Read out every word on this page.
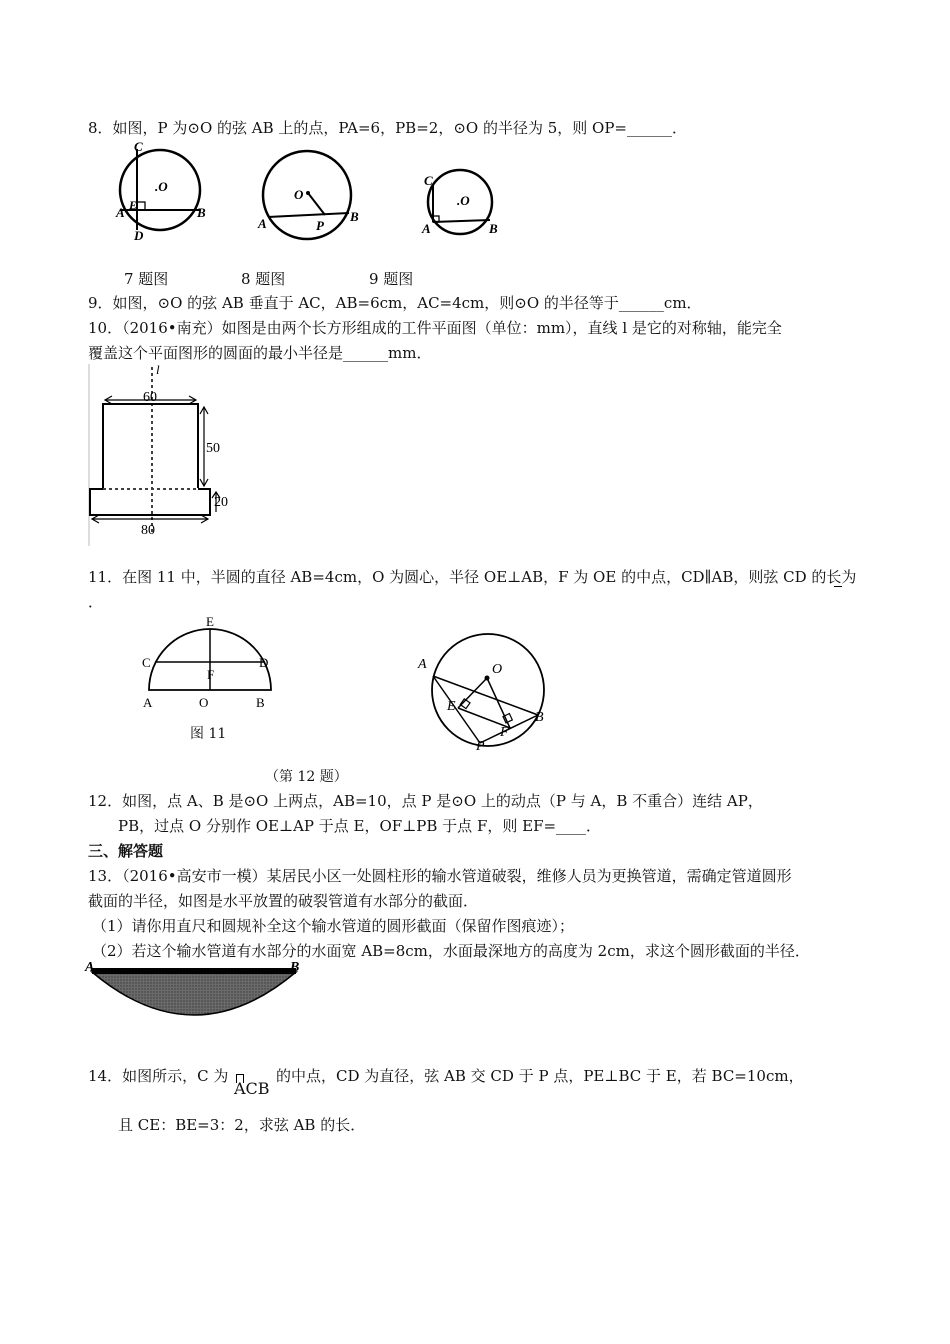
8．如图，P 为⊙O 的弦 AB 上的点，PA=6，PB=2，⊙O 的半径为 5，则 OP=______．
C
.O
A E	B
D
O
A	P
B
C
.O
A	B
7 题图	8 题图	9 题图
9．如图，⊙O 的弦 AB 垂直于 AC，AB=6cm，AC=4cm，则⊙O 的半径等于______cm．
10．（2016•南充）如图是由两个长方形组成的工件平面图（单位：mm），直线 l 是它的对称轴，能完全
覆盖这个平面图形的圆面的最小半径是______mm．
l
60
50
20
80
11．在图 11 中，半圆的直径 AB=4cm，O 为圆心，半径 OE⊥AB，F 为 OE 的中点，CD∥AB，则弦 CD 的长为
．
E
C	D
F
A	O	B
图 11
A	O
E
F
B
P
（第 12 题）
12．如图，点 A、B 是⊙O 上两点，AB=10，点 P 是⊙O 上的动点（P 与 A，B 不重合）连结 AP，
PB，过点 O 分别作 OE⊥AP 于点 E，OF⊥PB 于点 F，则 EF=____．
三、解答题
13．（2016•高安市一模）某居民小区一处圆柱形的输水管道破裂，维修人员为更换管道，需确定管道圆形
截面的半径，如图是水平放置的破裂管道有水部分的截面．
（1）请你用直尺和圆规补全这个输水管道的圆形截面（保留作图痕迹）；
（2）若这个输水管道有水部分的水面宽 AB=8cm，水面最深地方的高度为 2cm，求这个圆形截面的半径．
A	B
14．如图所示，C 为
ACB
的中点，CD 为直径，弦 AB 交 CD 于 P 点，PE⊥BC 于 E，若 BC=10cm，
且 CE：BE=3：2，求弦 AB 的长．
